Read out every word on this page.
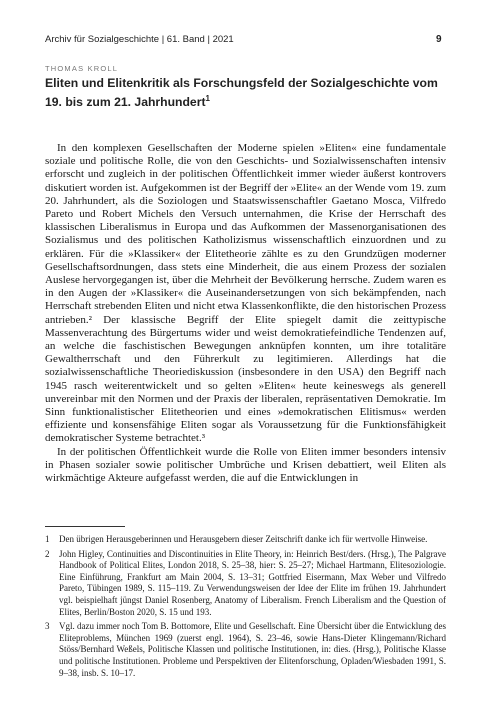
Archiv für Sozialgeschichte | 61. Band | 2021	9
THOMAS KROLL
Eliten und Elitenkritik als Forschungsfeld der Sozialgeschichte vom 19. bis zum 21. Jahrhundert$^1$

In den komplexen Gesellschaften der Moderne spielen »Eliten« eine fundamentale soziale und politische Rolle, die von den Geschichts- und Sozialwissenschaften intensiv erforscht und zugleich in der politischen Öffentlichkeit immer wieder äußerst kontrovers diskutiert worden ist. Aufgekommen ist der Begriff der »Elite« an der Wende vom 19. zum 20. Jahrhundert, als die Soziologen und Staatswissenschaftler Gaetano Mosca, Vilfredo Pareto und Robert Michels den Versuch unternahmen, die Krise der Herrschaft des klassischen Liberalismus in Europa und das Aufkommen der Massenorganisationen des Sozialismus und des politischen Katholizismus wissenschaftlich einzuordnen und zu erklären. Für die »Klassiker« der Elitetheorie zählte es zu den Grundzügen moderner Gesellschaftsordnungen, dass stets eine Minderheit, die aus einem Prozess der sozialen Auslese hervorgegangen ist, über die Mehrheit der Bevölkerung herrsche. Zudem waren es in den Augen der »Klassiker« die Auseinandersetzungen von sich bekämpfenden, nach Herrschaft strebenden Eliten und nicht etwa Klassenkonflikte, die den historischen Prozess antrieben.² Der klassische Begriff der Elite spiegelt damit die zeittypische Massenverachtung des Bürgertums wider und weist demokratiefeindliche Tendenzen auf, an welche die faschistischen Bewegungen anknüpfen konnten, um ihre totalitäre Gewaltherrschaft und den Führerkult zu legitimieren. Allerdings hat die sozialwissenschaftliche Theoriediskussion (insbesondere in den USA) den Begriff nach 1945 rasch weiterentwickelt und so gelten »Eliten« heute keineswegs als generell unvereinbar mit den Normen und der Praxis der liberalen, repräsentativen Demokratie. Im Sinn funktionalistischer Elitetheorien und eines »demokratischen Elitismus« werden effiziente und konsensfähige Eliten sogar als Voraussetzung für die Funktionsfähigkeit demokratischer Systeme betrachtet.³

In der politischen Öffentlichkeit wurde die Rolle von Eliten immer besonders intensiv in Phasen sozialer sowie politischer Umbrüche und Krisen debattiert, weil Eliten als wirkmächtige Akteure aufgefasst werden, die auf die Entwicklungen in

1	Den übrigen Herausgeberinnen und Herausgebern dieser Zeitschrift danke ich für wertvolle Hinweise.
2	John Higley, Continuities and Discontinuities in Elite Theory, in: Heinrich Best/ders. (Hrsg.), The Palgrave Handbook of Political Elites, London 2018, S. 25–38, hier: S. 25–27; Michael Hartmann, Elitesoziologie. Eine Einführung, Frankfurt am Main 2004, S. 13–31; Gottfried Eisermann, Max Weber und Vilfredo Pareto, Tübingen 1989, S. 115–119. Zu Verwendungsweisen der Idee der Elite im frühen 19. Jahrhundert vgl. beispielhaft jüngst Daniel Rosenberg, Anatomy of Liberalism. French Liberalism and the Question of Elites, Berlin/Boston 2020, S. 15 und 193.
3	Vgl. dazu immer noch Tom B. Bottomore, Elite und Gesellschaft. Eine Übersicht über die Entwicklung des Eliteproblems, München 1969 (zuerst engl. 1964), S. 23–46, sowie Hans-Dieter Klingemann/Richard Stöss/Bernhard Weßels, Politische Klassen und politische Institutionen, in: dies. (Hrsg.), Politische Klasse und politische Institutionen. Probleme und Perspektiven der Elitenforschung, Opladen/Wiesbaden 1991, S. 9–38, insb. S. 10–17.
